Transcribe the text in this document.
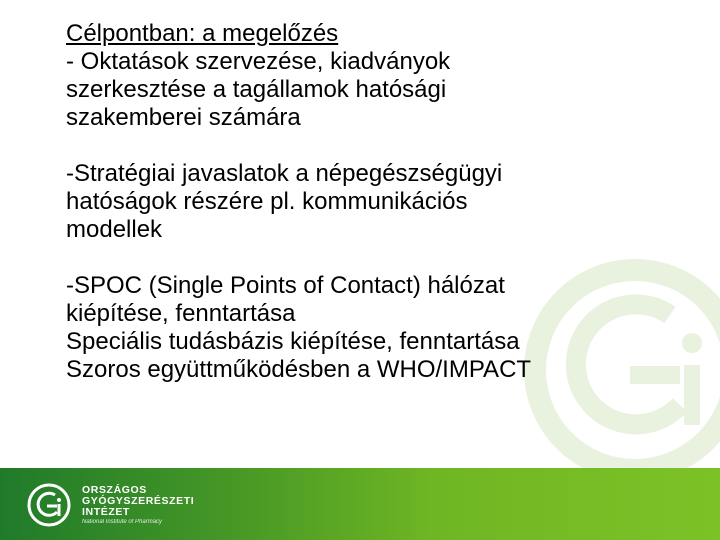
Célpontban: a megelőzés
- Oktatások szervezése, kiadványok
szerkesztése a tagállamok hatósági
szakemberei számára
-Stratégiai javaslatok a népegészségügyi
hatóságok részére pl. kommunikációs
modellek
-SPOC (Single Points of Contact) hálózat
kiépítése, fenntartása
Speciális tudásbázis kiépítése, fenntartása
Szoros együttműködésben a WHO/IMPACT
ORSZÁGOS
GYÓGYSZERÉSZETI
INTÉZET
National Institute of Pharmacy
